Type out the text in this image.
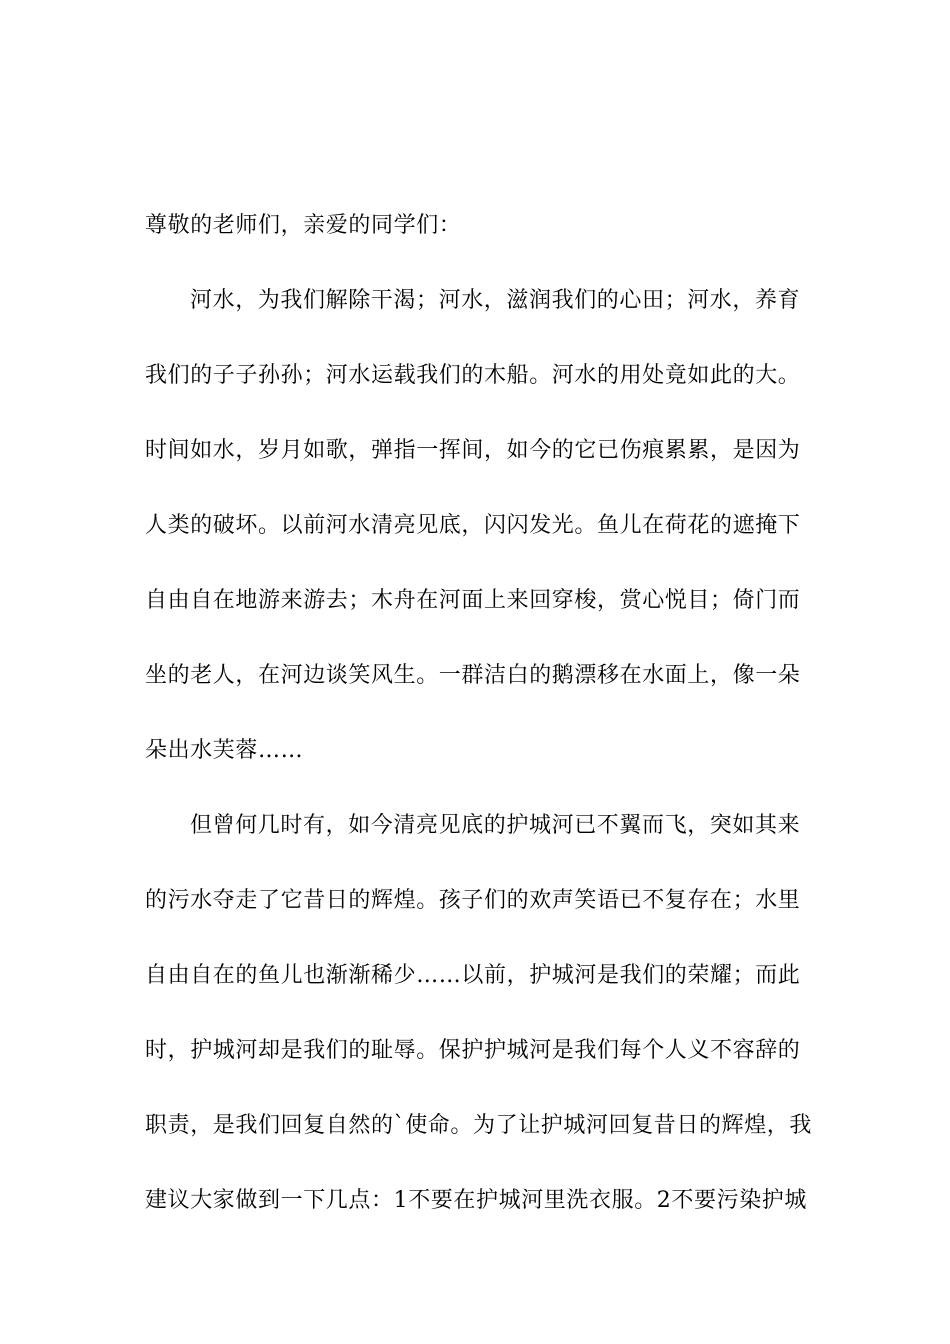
尊敬的老师们，亲爱的同学们：
河水，为我们解除干渴；河水，滋润我们的心田；河水，养育
我们的子子孙孙；河水运载我们的木船。河水的用处竟如此的大。
时间如水，岁月如歌，弹指一挥间，如今的它已伤痕累累，是因为
人类的破坏。以前河水清亮见底，闪闪发光。鱼儿在荷花的遮掩下
自由自在地游来游去；木舟在河面上来回穿梭，赏心悦目；倚门而
坐的老人，在河边谈笑风生。一群洁白的鹅漂移在水面上，像一朵
朵出水芙蓉……
但曾何几时有，如今清亮见底的护城河已不翼而飞，突如其来
的污水夺走了它昔日的辉煌。孩子们的欢声笑语已不复存在；水里
自由自在的鱼儿也渐渐稀少……以前，护城河是我们的荣耀；而此
时，护城河却是我们的耻辱。保护护城河是我们每个人义不容辞的
职责，是我们回复自然的`使命。为了让护城河回复昔日的辉煌，我
建议大家做到一下几点：1不要在护城河里洗衣服。2不要污染护城
